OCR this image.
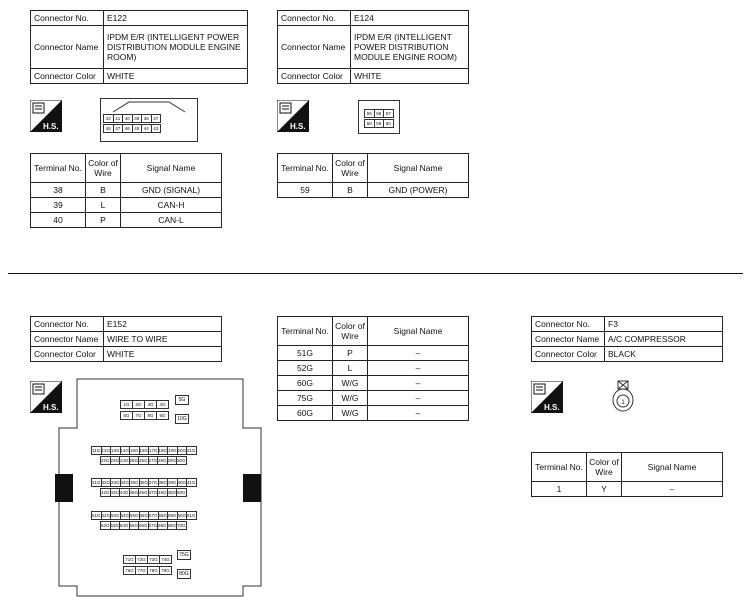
Connector No.	E122
Connector Name	IPDM E/R (INTELLIGENT POWER DISTRIBUTION MODULE ENGINE ROOM)
Connector Color	WHITE
H.S.
42 41 40 39 38 37
48 47 46 45 44 43
Terminal No.	Color of Wire	Signal Name
38	B	GND (SIGNAL)
39	L	CAN-H
40	P	CAN-L
Connector No.	E124
Connector Name	IPDM E/R (INTELLIGENT POWER DISTRIBUTION MODULE ENGINE ROOM)
Connector Color	WHITE
H.S.
55 56 57
58 59 60
Terminal No.	Color of Wire	Signal Name
59	B	GND (POWER)
Connector No.	E152
Connector Name	WIRE TO WIRE
Connector Color	WHITE
H.S.	1G	2G	3G	4G
6G	7G	8G	9G
5G
10G
11G 12G 13G 14G 15G 16G 17G 18G 19G 20G 21G
22G 23G 24G 25G 26G 27G 28G 29G 30G
31G 32G 33G 34G 35G 36G 37G 38G 39G 40G 41G
42G 43G 44G 45G 46G 47G 48G 49G 50G
51G 52G 53G 54G 55G 56G 57G 58G 59G 60G 61G
62G 63G 64G 65G 66G 67G 68G 69G 70G
71G 72G 73G 74G
76G 77G 78G 79G
75G
80G
Terminal No.	Color of Wire	Signal Name
51G	P	–
52G	L	–
60G	W/G	–
75G	W/G	–
60G	W/G	–
Connector No.	F3
Connector Name	A/C COMPRESSOR
Connector Color	BLACK
H.S.	1
Terminal No.	Color of Wire	Signal Name
1	Y	–
